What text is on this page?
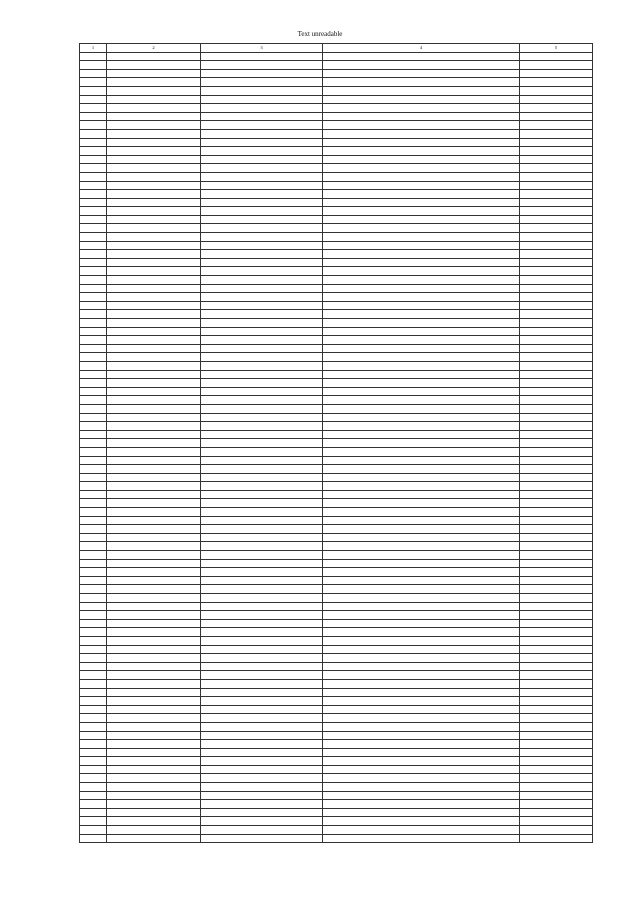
Text unreadable
1	2	3	4	5
